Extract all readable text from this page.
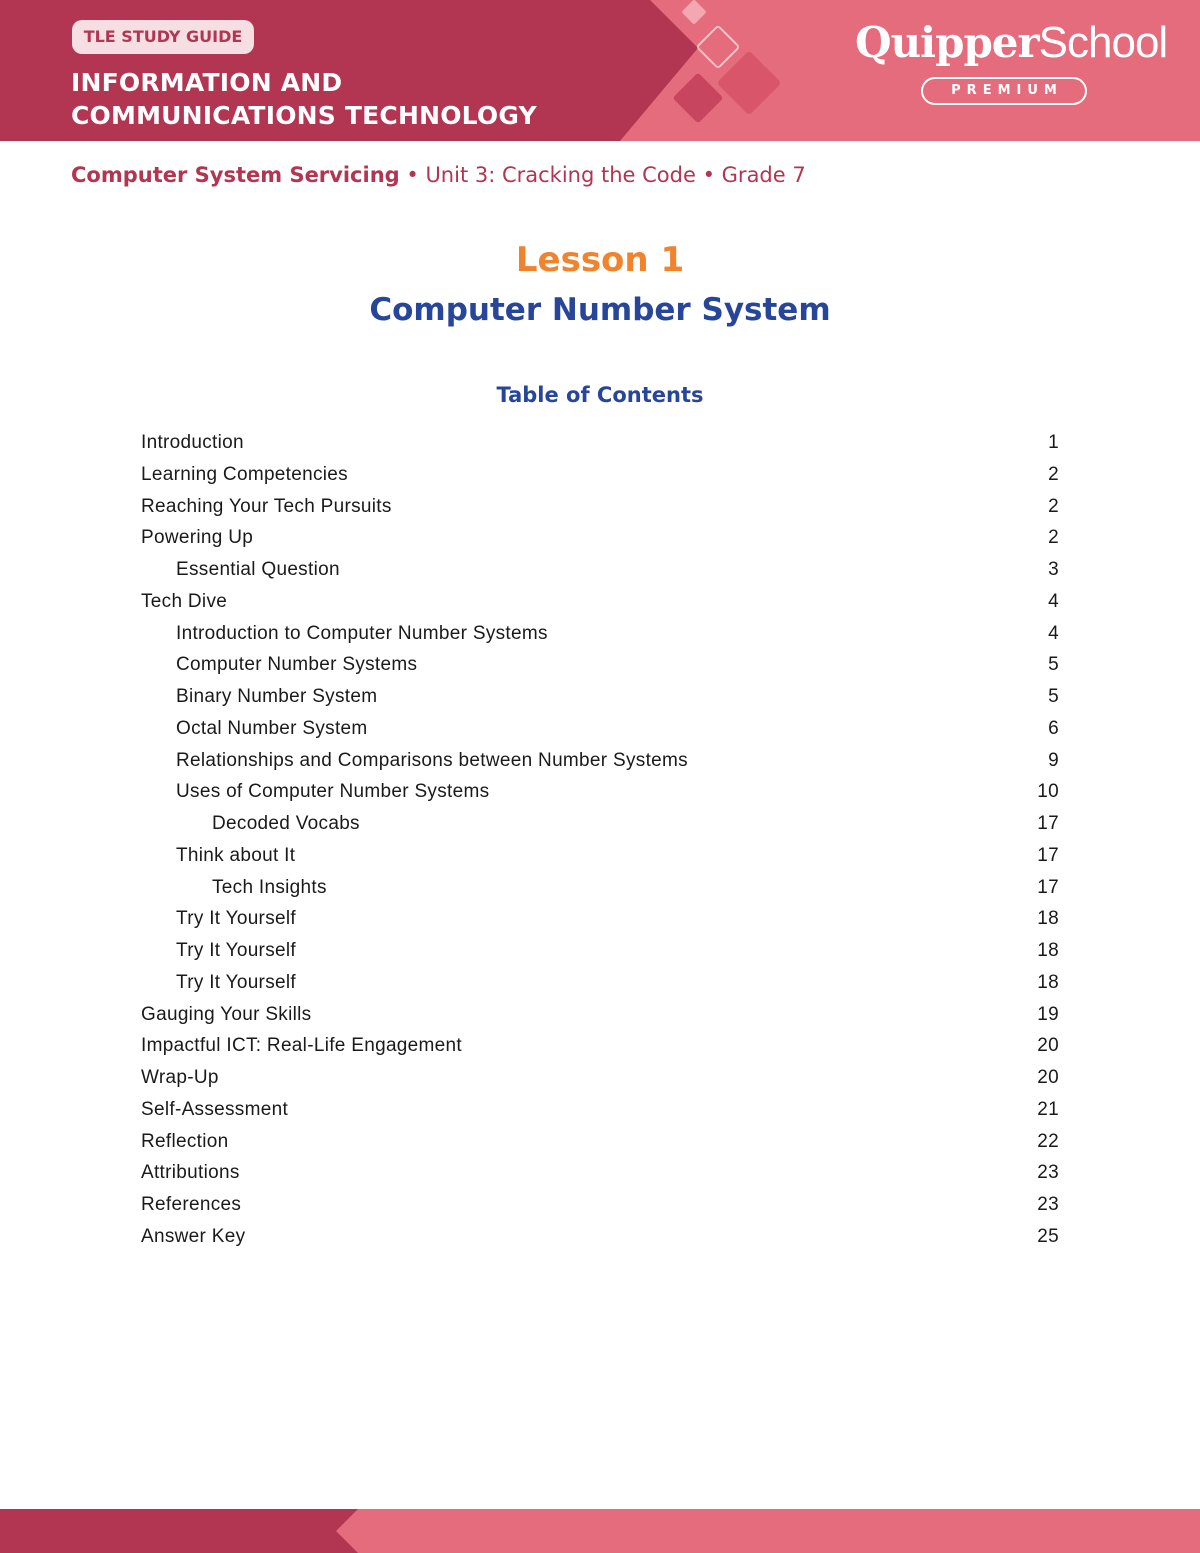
TLE STUDY GUIDE
INFORMATION AND
COMMUNICATIONS TECHNOLOGY
QuipperSchool
PREMIUM
Computer System Servicing • Unit 3: Cracking the Code • Grade 7
Lesson 1
Computer Number System
Table of Contents
Introduction	1
Learning Competencies	2
Reaching Your Tech Pursuits	2
Powering Up	2
Essential Question	3
Tech Dive	4
Introduction to Computer Number Systems	4
Computer Number Systems	5
Binary Number System	5
Octal Number System	6
Relationships and Comparisons between Number Systems	9
Uses of Computer Number Systems	10
Decoded Vocabs	17
Think about It	17
Tech Insights	17
Try It Yourself	18
Try It Yourself	18
Try It Yourself	18
Gauging Your Skills	19
Impactful ICT: Real-Life Engagement	20
Wrap-Up	20
Self-Assessment	21
Reflection	22
Attributions	23
References	23
Answer Key	25
